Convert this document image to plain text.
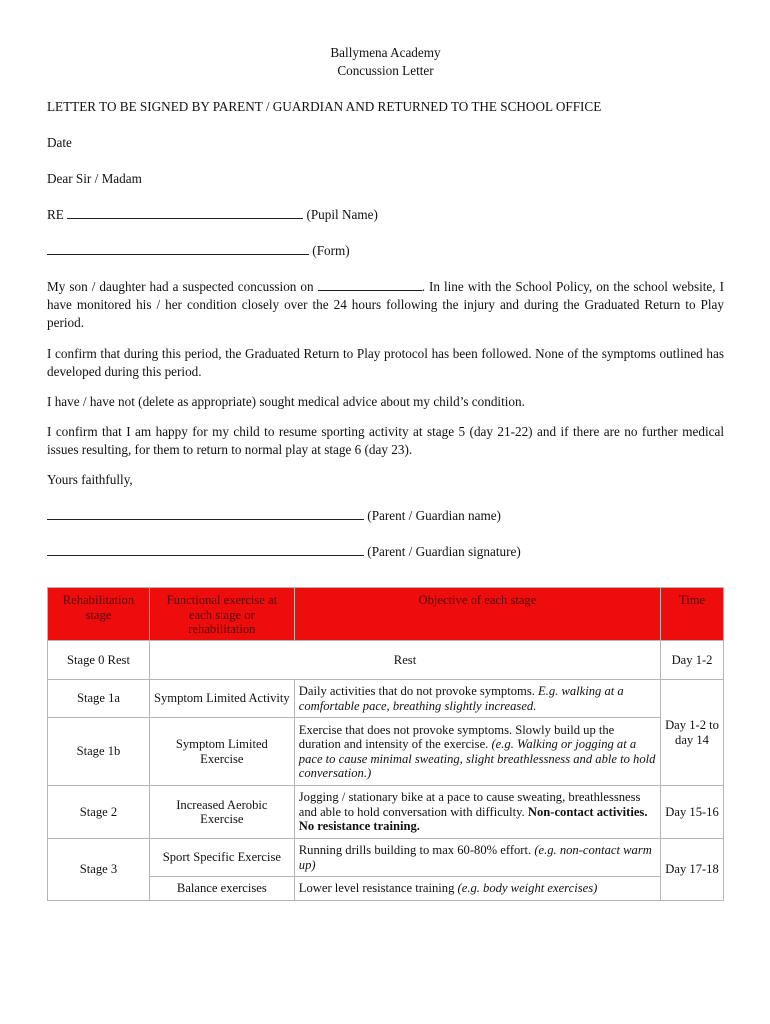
Ballymena Academy
Concussion Letter

LETTER TO BE SIGNED BY PARENT / GUARDIAN AND RETURNED TO THE SCHOOL OFFICE

Date

Dear Sir / Madam

RE	(Pupil Name)

(Form)

My son / daughter had a suspected concussion on	. In line with the School Policy, on the school website, I have monitored his / her condition closely over the 24 hours following the injury and during the Graduated Return to Play period.

I confirm that during this period, the Graduated Return to Play protocol has been followed. None of the symptoms outlined has developed during this period.

I have / have not (delete as appropriate) sought medical advice about my child’s condition.

I confirm that I am happy for my child to resume sporting activity at stage 5 (day 21-22) and if there are no further medical issues resulting, for them to return to normal play at stage 6 (day 23).

Yours faithfully,

(Parent / Guardian name)

(Parent / Guardian signature)

Rehabilitation stage	Functional exercise at each stage or rehabilitation	Objective of each stage	Time
Stage 0 Rest	Rest		Day 1-2
Stage 1a	Symptom Limited Activity	Daily activities that do not provoke symptoms. E.g. walking at a comfortable pace, breathing slightly increased.	Day 1-2 to day 14
Stage 1b	Symptom Limited Exercise	Exercise that does not provoke symptoms. Slowly build up the duration and intensity of the exercise. (e.g. Walking or jogging at a pace to cause minimal sweating, slight breathlessness and able to hold conversation.)	
Stage 2	Increased Aerobic Exercise	Jogging / stationary bike at a pace to cause sweating, breathlessness and able to hold conversation with difficulty. Non-contact activities. No resistance training.	Day 15-16
Stage 3	Sport Specific Exercise	Running drills building to max 60-80% effort. (e.g. non-contact warm up)	Day 17-18
	Balance exercises	Lower level resistance training (e.g. body weight exercises)	
